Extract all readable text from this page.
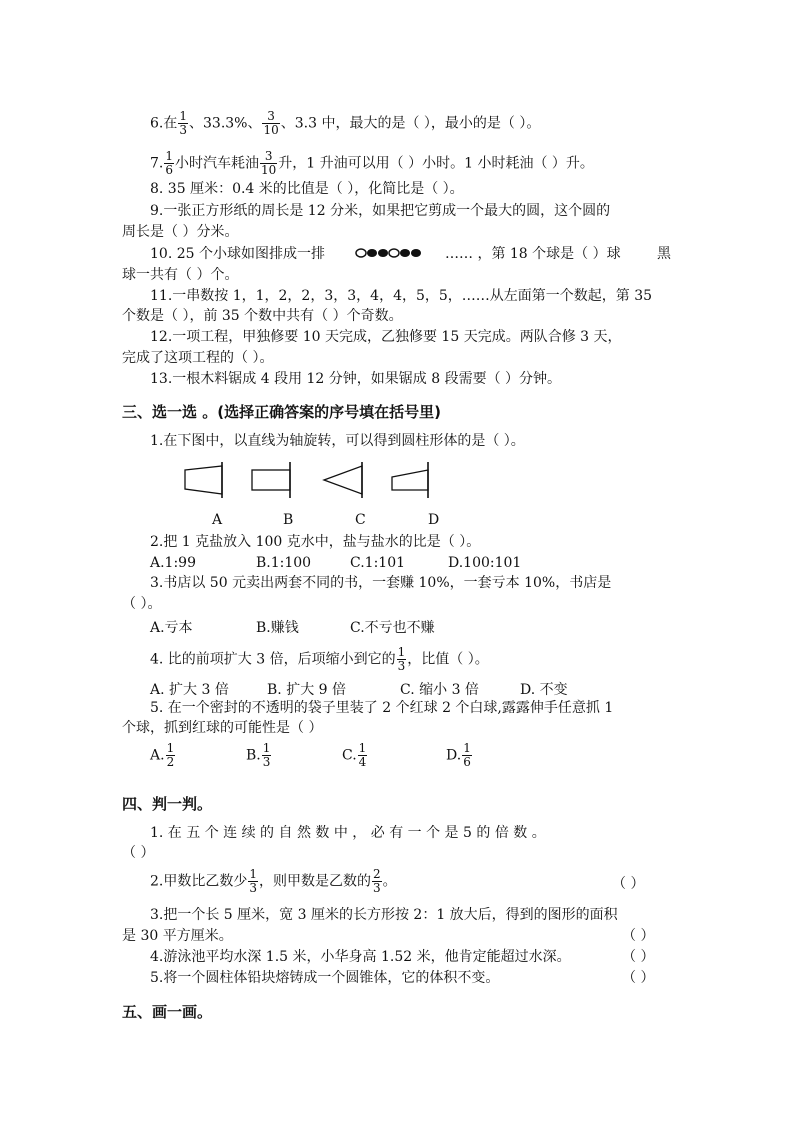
6.在 $\frac{1}{3}$ 、33.3%、 $\frac{3}{10}$ 、3.3 中，最大的是（ ），最小的是（ ）。
7. $\frac{1}{6}$ 小时汽车耗油 $\frac{3}{10}$ 升，1 升油可以用（ ）小时。1 小时耗油（ ）升。
8. 35 厘米：0.4 米的比值是（ ），化简比是（ ）。
9.一张正方形纸的周长是 12 分米，如果把它剪成一个最大的圆，这个圆的
周长是（ ）分米。
10. 25 个小球如图排成一排	…… ，第 18 个球是（ ）球	黑
球一共有（ ）个。
11.一串数按 1，1，2，2，3，3，4，4，5，5，……从左面第一个数起，第 35
个数是（ ），前 35 个数中共有（ ）个奇数。
12.一项工程，甲独修要 10 天完成，乙独修要 15 天完成。两队合修 3 天，
完成了这项工程的（ ）。
13.一根木料锯成 4 段用 12 分钟，如果锯成 8 段需要（ ）分钟。
三、选一选 。(选择正确答案的序号填在括号里)
1.在下图中，以直线为轴旋转，可以得到圆柱形体的是（ ）。
A	B	C	D
2.把 1 克盐放入 100 克水中，盐与盐水的比是（ ）。
A.1:99	B.1:100	C.1:101	D.100:101
3.书店以 50 元卖出两套不同的书，一套赚 10%，一套亏本 10%，书店是
（ ）。
A.亏本	B.赚钱	C.不亏也不赚
4. 比的前项扩大 3 倍，后项缩小到它的 $\frac{1}{3}$ ，比值（ ）。
A. 扩大 3 倍	B. 扩大 9 倍	C. 缩小 3 倍	D. 不变
5. 在一个密封的不透明的袋子里装了 2 个红球 2 个白球,露露伸手任意抓 1
个球，抓到红球的可能性是（ ）
A. $\frac{1}{2}$	B. $\frac{1}{3}$	C. $\frac{1}{4}$	D. $\frac{1}{6}$
四、判一判。
1. 在 五 个 连 续 的 自 然 数 中 ， 必 有 一 个 是 5 的 倍 数 。
（ ）
2.甲数比乙数少 $\frac{1}{3}$ ，则甲数是乙数的 $\frac{2}{3}$ 。	（ ）
3.把一个长 5 厘米，宽 3 厘米的长方形按 2：1 放大后，得到的图形的面积
是 30 平方厘米。	（ ）
4.游泳池平均水深 1.5 米，小华身高 1.52 米，他肯定能超过水深。	（ ）
5.将一个圆柱体铅块熔铸成一个圆锥体，它的体积不变。	（ ）
五、画一画。
